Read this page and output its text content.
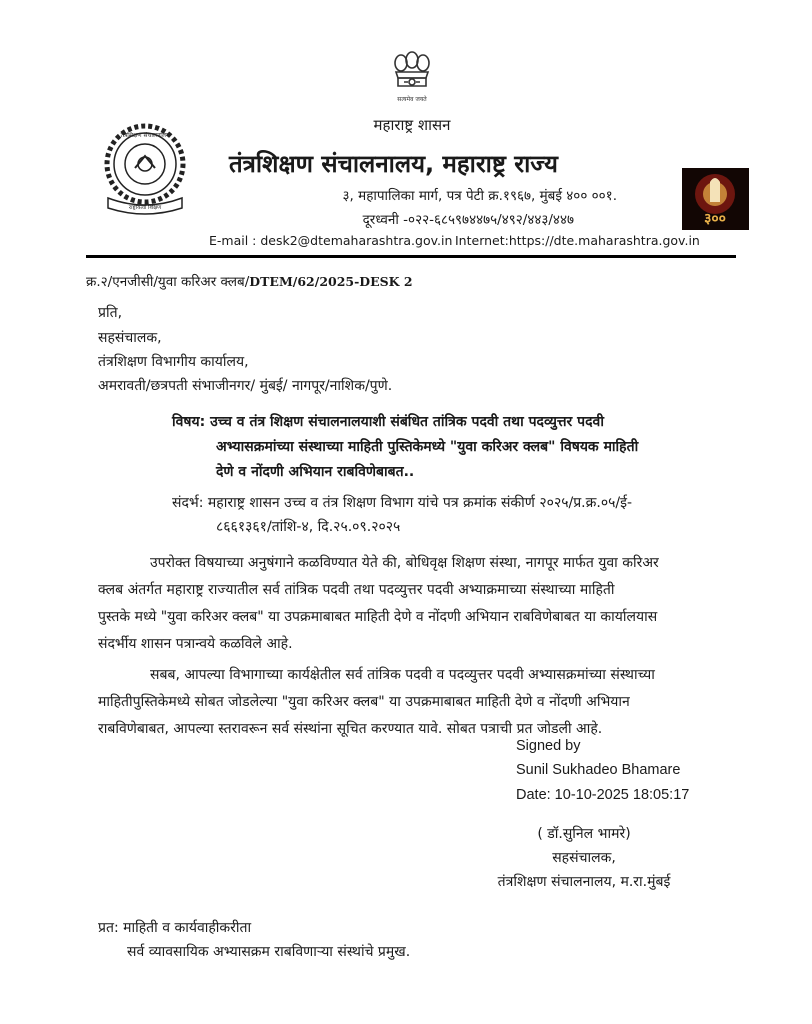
सत्यमेव जयते
महाराष्ट्र शासन
तंत्रशिक्षण संचालनालय
राष्ट्रीयत्वा शिक्षण
तंत्रशिक्षण संचालनालय, महाराष्ट्र राज्य
३, महापालिका मार्ग, पत्र पेटी क्र.१९६७, मुंबई ४०० ००१.
दूरध्वनी -०२२-६८५९७४४७५/४९२/४४३/४४७
E-mail : desk2@dtemaharashtra.gov.in Internet:https://dte.maharashtra.gov.in
३००
क्र.२/एनजीसी/युवा करिअर क्लब/DTEM/62/2025-DESK 2
प्रति,
सहसंचालक,
तंत्रशिक्षण विभागीय कार्यालय,
अमरावती/छत्रपती संभाजीनगर/ मुंबई/ नागपूर/नाशिक/पुणे.
विषय: उच्च व तंत्र शिक्षण संचालनालयाशी संबंधित तांत्रिक पदवी तथा पदव्युत्तर पदवी
अभ्यासक्रमांच्या संस्थाच्या माहिती पुस्तिकेमध्ये "युवा करिअर क्लब" विषयक माहिती
देणे व नोंदणी अभियान राबविणेबाबत..
संदर्भ: महाराष्ट्र शासन उच्च व तंत्र शिक्षण विभाग यांचे पत्र क्रमांक संकीर्ण २०२५/प्र.क्र.०५/ई-
८६६१३६१/तांशि-४, दि.२५.०९.२०२५
उपरोक्त विषयाच्या अनुषंगाने कळविण्यात येते की, बोधिवृक्ष शिक्षण संस्था, नागपूर मार्फत युवा करिअर
क्लब अंतर्गत महाराष्ट्र राज्यातील सर्व तांत्रिक पदवी तथा पदव्युत्तर पदवी अभ्याक्रमाच्या संस्थाच्या माहिती
पुस्तके मध्ये "युवा करिअर क्लब" या उपक्रमाबाबत माहिती देणे व नोंदणी अभियान राबविणेबाबत या कार्यालयास
संदर्भीय शासन पत्रान्वये कळविले आहे.
सबब, आपल्या विभागाच्या कार्यक्षेतील सर्व तांत्रिक पदवी व पदव्युत्तर पदवी अभ्यासक्रमांच्या संस्थाच्या
माहितीपुस्तिकेमध्ये सोबत जोडलेल्या "युवा करिअर क्लब" या उपक्रमाबाबत माहिती देणे व नोंदणी अभियान
राबविणेबाबत, आपल्या स्तरावरून सर्व संस्थांना सूचित करण्यात यावे. सोबत पत्राची प्रत जोडली आहे.
Signed by
Sunil Sukhadeo Bhamare
Date: 10-10-2025 18:05:17
( डॉ.सुनिल भामरे)
सहसंचालक,
तंत्रशिक्षण संचालनालय, म.रा.मुंबई
प्रत: माहिती व कार्यवाहीकरीता
सर्व व्यावसायिक अभ्यासक्रम राबविणाऱ्या संस्थांचे प्रमुख.
